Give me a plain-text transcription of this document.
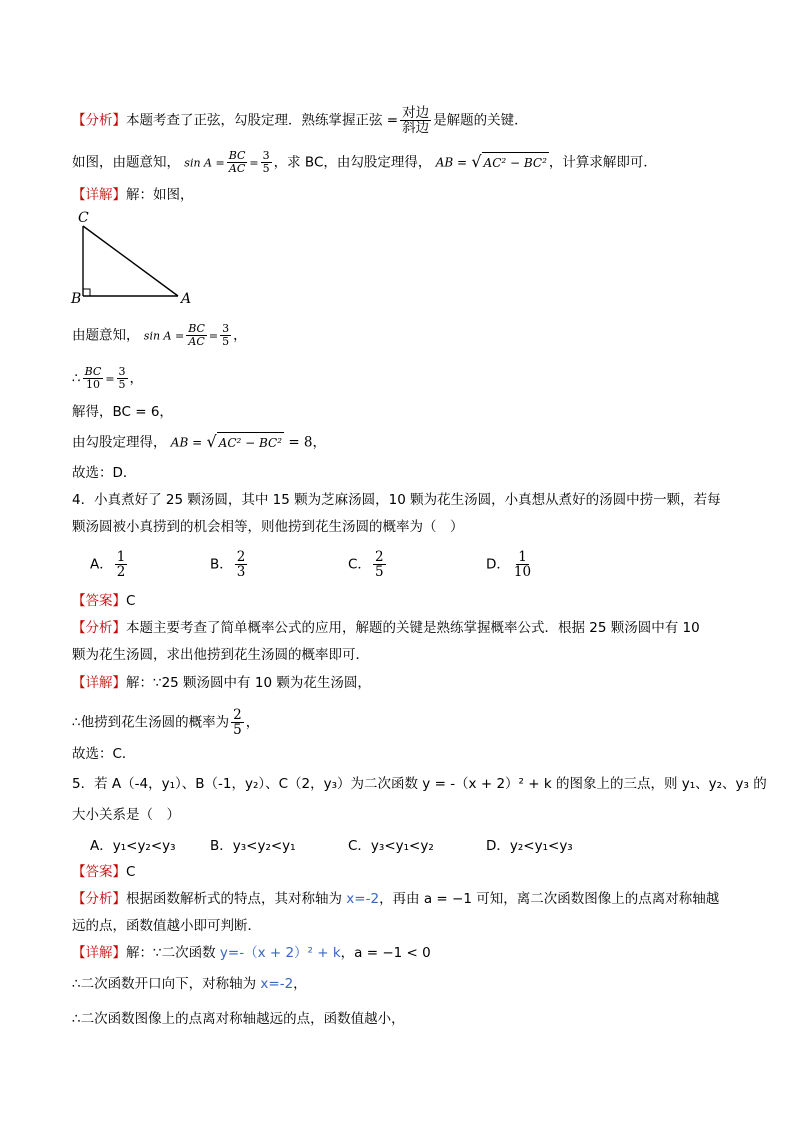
【分析】本题考查了正弦，勾股定理．熟练掌握正弦 = $\frac{\text{对边}}{\text{斜边}}$ 是解题的关键．
如图，由题意知， $\sin A = \frac{BC}{AC} = \frac{3}{5}$ ，求 BC，由勾股定理得， AB = √ AC² − BC² ，计算求解即可．
【详解】解：如图，
C
B	A
由题意知， $\sin A = \frac{BC}{AC} = \frac{3}{5}$ ，
∴ $\frac{BC}{10} = \frac{3}{5}$ ，
解得，BC = 6，
由勾股定理得， AB = √ AC² − BC² = 8，
故选：D．
4．小真煮好了 25 颗汤圆，其中 15 颗为芝麻汤圆，10 颗为花生汤圆，小真想从煮好的汤圆中捞一颗，若每
颗汤圆被小真捞到的机会相等，则他捞到花生汤圆的概率为（　）
A． $\frac{1}{2}$	B． $\frac{2}{3}$	C． $\frac{2}{5}$	D． $\frac{1}{10}$
【答案】C
【分析】本题主要考查了简单概率公式的应用，解题的关键是熟练掌握概率公式．根据 25 颗汤圆中有 10
颗为花生汤圆，求出他捞到花生汤圆的概率即可．
【详解】解：∵25 颗汤圆中有 10 颗为花生汤圆，
∴他捞到花生汤圆的概率为 $\frac{2}{5}$ ，
故选：C．
5．若 A（-4，y₁）、B（-1，y₂）、C（2，y₃）为二次函数 y = -（x + 2）² + k 的图象上的三点，则 y₁、y₂、y₃ 的
大小关系是（　）
A．y₁<y₂<y₃	B．y₃<y₂<y₁	C．y₃<y₁<y₂	D．y₂<y₁<y₃
【答案】C
【分析】根据函数解析式的特点，其对称轴为 x=-2，再由 a = −1 可知，离二次函数图像上的点离对称轴越
远的点，函数值越小即可判断．
【详解】解：∵二次函数 y=-（x + 2）² + k，a = −1 < 0
∴二次函数开口向下，对称轴为 x=-2，
∴二次函数图像上的点离对称轴越远的点，函数值越小，
